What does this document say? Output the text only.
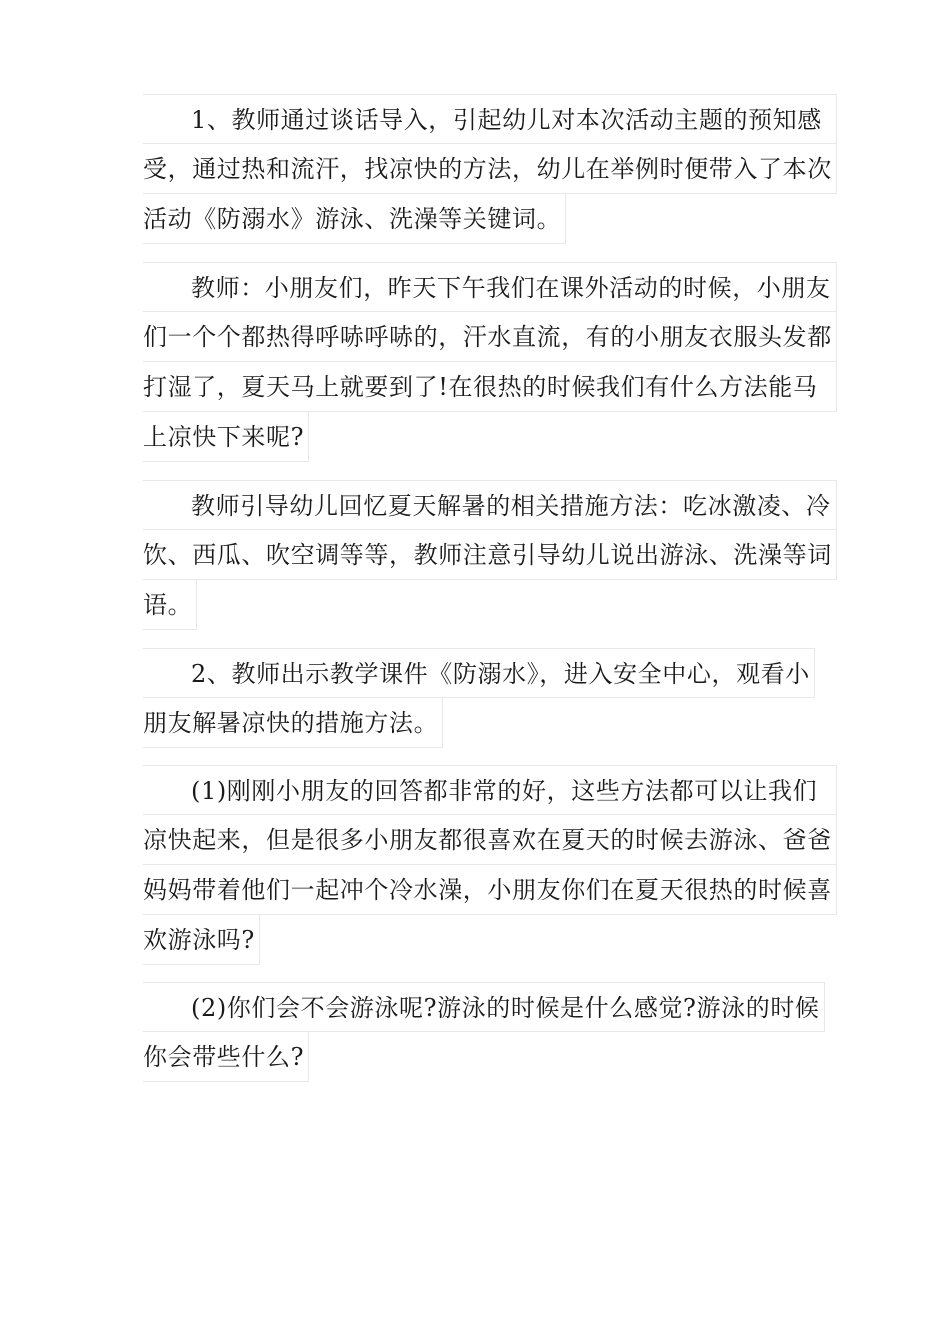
1、教师通过谈话导入，引起幼儿对本次活动主题的预知感
受，通过热和流汗，找凉快的方法，幼儿在举例时便带入了本次
活动《防溺水》游泳、洗澡等关键词。
教师：小朋友们，昨天下午我们在课外活动的时候，小朋友
们一个个都热得呼哧呼哧的，汗水直流，有的小朋友衣服头发都
打湿了，夏天马上就要到了!在很热的时候我们有什么方法能马
上凉快下来呢?
教师引导幼儿回忆夏天解暑的相关措施方法：吃冰激凌、冷
饮、西瓜、吹空调等等，教师注意引导幼儿说出游泳、洗澡等词
语。
2、教师出示教学课件《防溺水》，进入安全中心，观看小
朋友解暑凉快的措施方法。
(1)刚刚小朋友的回答都非常的好，这些方法都可以让我们
凉快起来，但是很多小朋友都很喜欢在夏天的时候去游泳、爸爸
妈妈带着他们一起冲个冷水澡，小朋友你们在夏天很热的时候喜
欢游泳吗?
(2)你们会不会游泳呢?游泳的时候是什么感觉?游泳的时候
你会带些什么?
